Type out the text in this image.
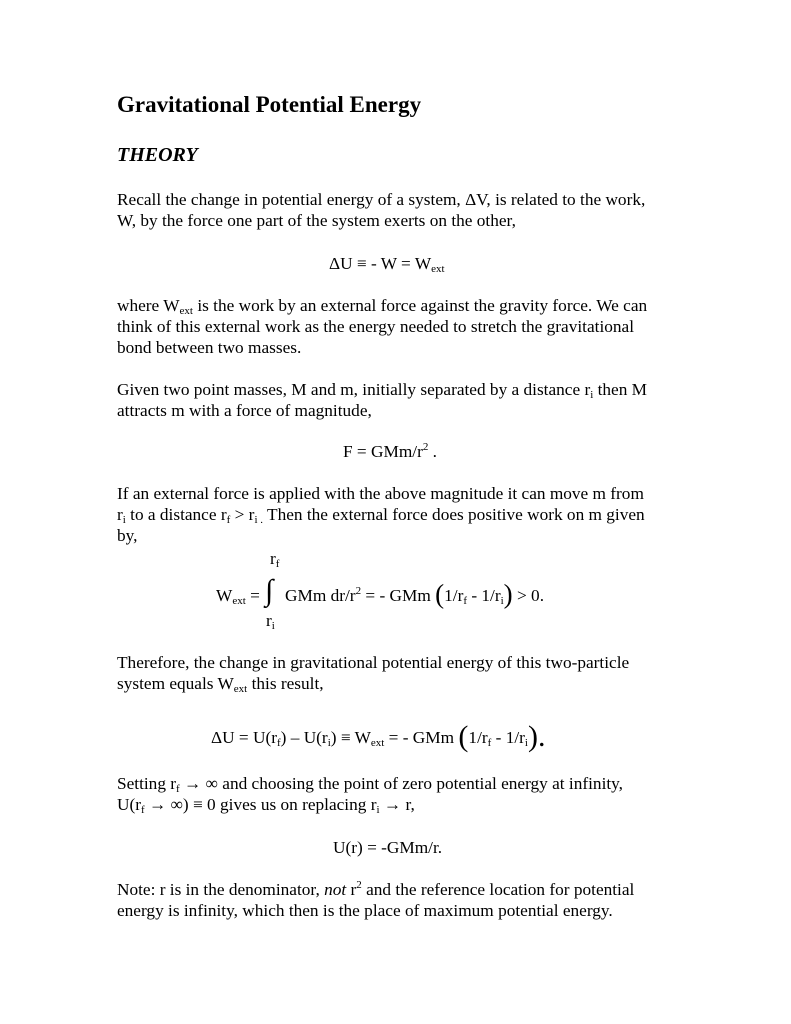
Gravitational Potential Energy
THEORY
Recall the change in potential energy of a system, ΔV, is related to the work,
W, by the force one part of the system exerts on the other,
ΔU ≡ - $W = W_{ext}$
where $W_{ext}$ is the work by an external force against the gravity force. We can
think of this external work as the energy needed to stretch the gravitational
bond between two masses.
Given two point masses, M and m, initially separated by a distance $r_i$ then M
attracts m with a force of magnitude,
F = GMm/$r^2$ .
If an external force is applied with the above magnitude it can move m from
$r_i$ to a distance $r_f > r_{i .}$ Then the external force does positive work on m given
by,
$r_f$
$W_{ext}$ = ∫ GMm $dr/r^2$ = - GMm $(1/r_f - 1/r_i) > 0$.
$r_i$
Therefore, the change in gravitational potential energy of this two-particle
system equals $W_{ext}$ this result,
$\Delta U = U(r_f) - U(r_i) \equiv W_{ext}$ = - GMm $(1/r_f - 1/r_i)$.
Setting $r_f$ → ∞ and choosing the point of zero potential energy at infinity,
$U(r_f$ → ∞) ≡ 0 gives us on replacing $r_i \to r$,
U(r) = -GMm/r.
Note: r is in the denominator, not $r^2$ and the reference location for potential
energy is infinity, which then is the place of maximum potential energy.
